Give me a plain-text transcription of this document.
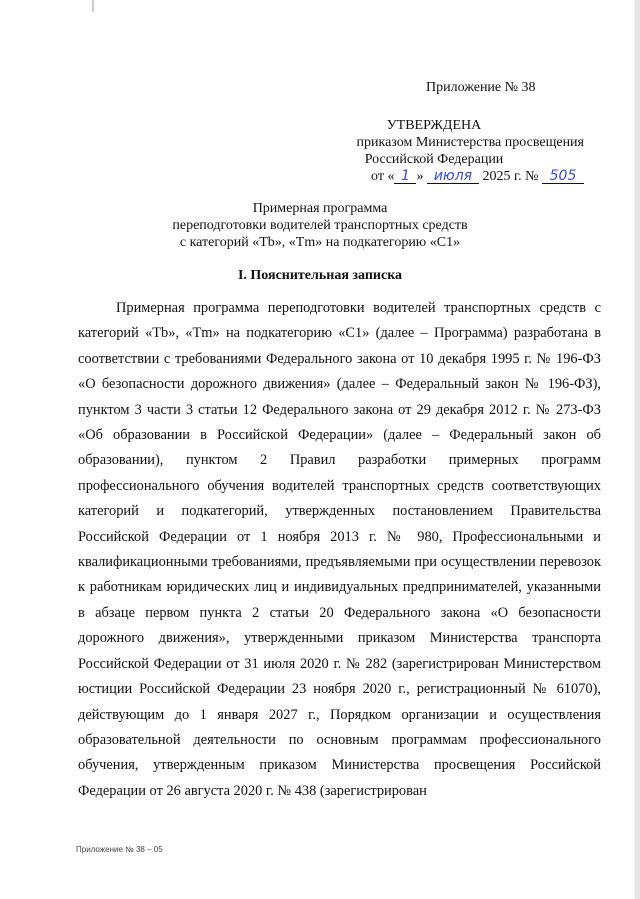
Приложение № 38
УТВЕРЖДЕНА
приказом Министерства просвещения
Российской Федерации
от « 1 » июля 2025 г. № 505
Примерная программа
переподготовки водителей транспортных средств
с категорий «Tb», «Tm» на подкатегорию «C1»
I. Пояснительная записка

Примерная программа переподготовки водителей транспортных средств с категорий «Tb», «Tm» на подкатегорию «C1» (далее – Программа) разработана в соответствии с требованиями Федерального закона от 10 декабря 1995 г. № 196-ФЗ «О безопасности дорожного движения» (далее – Федеральный закон № 196-ФЗ), пунктом 3 части 3 статьи 12 Федерального закона от 29 декабря 2012 г. № 273-ФЗ «Об образовании в Российской Федерации» (далее – Федеральный закон об образовании), пунктом 2 Правил разработки примерных программ профессионального обучения водителей транспортных средств соответствующих категорий и подкатегорий, утвержденных постановлением Правительства Российской Федерации от 1 ноября 2013 г. № 980, Профессиональными и квалификационными требованиями, предъявляемыми при осуществлении перевозок к работникам юридических лиц и индивидуальных предпринимателей, указанными в абзаце первом пункта 2 статьи 20 Федерального закона «О безопасности дорожного движения», утвержденными приказом Министерства транспорта Российской Федерации от 31 июля 2020 г. № 282 (зарегистрирован Министерством юстиции Российской Федерации 23 ноября 2020 г., регистрационный № 61070), действующим до 1 января 2027 г., Порядком организации и осуществления образовательной деятельности по основным программам профессионального обучения, утвержденным приказом Министерства просвещения Российской Федерации от 26 августа 2020 г. № 438 (зарегистрирован

Приложение № 38 – 05
